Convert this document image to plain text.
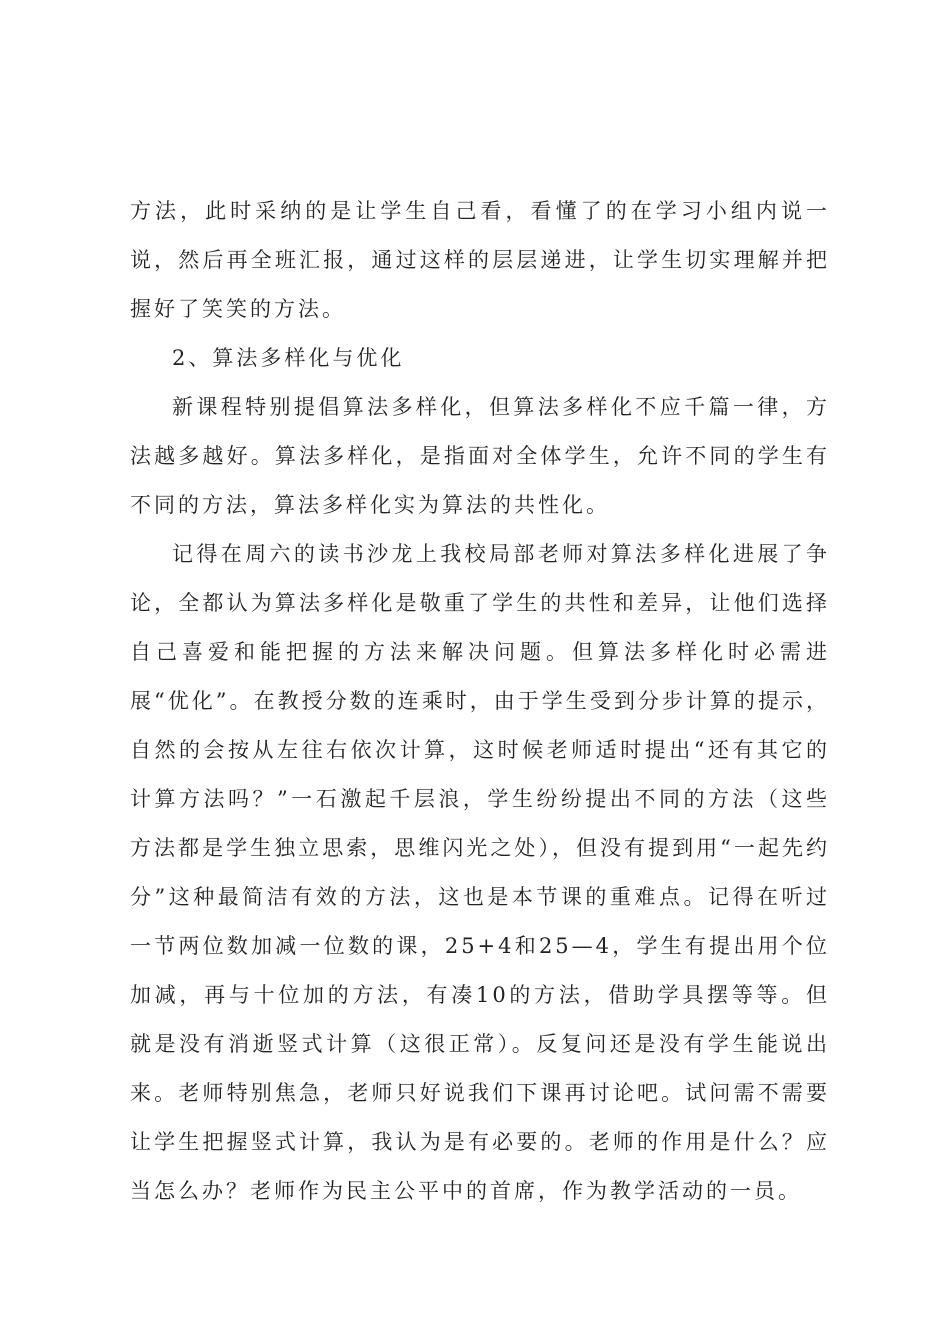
方法，此时采纳的是让学生自己看，看懂了的在学习小组内说一说，然后再全班汇报，通过这样的层层递进，让学生切实理解并把握好了笑笑的方法。

2、算法多样化与优化

新课程特别提倡算法多样化，但算法多样化不应千篇一律，方法越多越好。算法多样化，是指面对全体学生，允许不同的学生有不同的方法，算法多样化实为算法的共性化。

记得在周六的读书沙龙上我校局部老师对算法多样化进展了争论，全都认为算法多样化是敬重了学生的共性和差异，让他们选择自己喜爱和能把握的方法来解决问题。但算法多样化时必需进展“优化”。在教授分数的连乘时，由于学生受到分步计算的提示，自然的会按从左往右依次计算，这时候老师适时提出“还有其它的计算方法吗？”一石激起千层浪，学生纷纷提出不同的方法（这些方法都是学生独立思索，思维闪光之处），但没有提到用“一起先约分”这种最简洁有效的方法，这也是本节课的重难点。记得在听过一节两位数加减一位数的课，25+4和25—4，学生有提出用个位加减，再与十位加的方法，有凑10的方法，借助学具摆等等。但就是没有消逝竖式计算（这很正常）。反复问还是没有学生能说出来。老师特别焦急，老师只好说我们下课再讨论吧。试问需不需要让学生把握竖式计算，我认为是有必要的。老师的作用是什么？应当怎么办？老师作为民主公平中的首席，作为教学活动的一员。
